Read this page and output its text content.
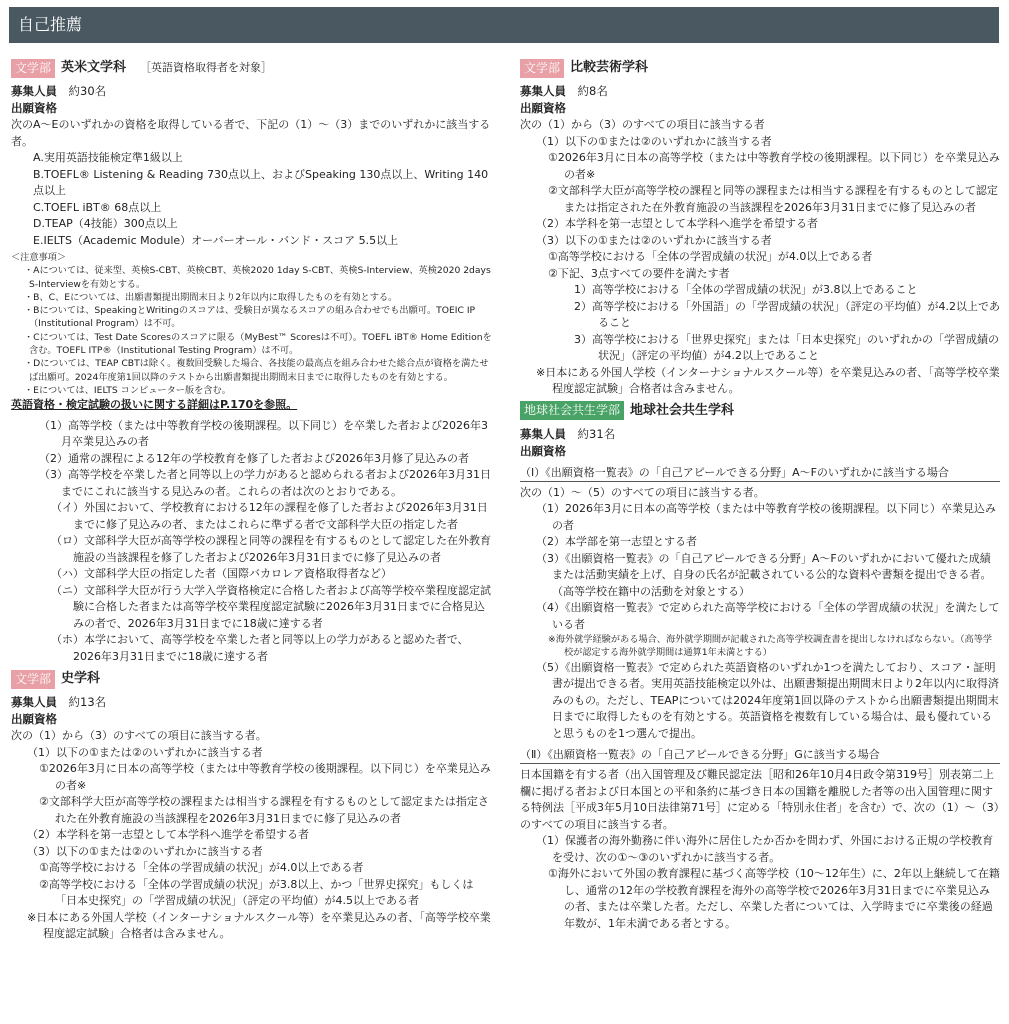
自己推薦
文学部 英米文学科 ［英語資格取得者を対象］
募集人員　 約30名
出願資格

次のA～Eのいずれかの資格を取得している者で、下記の（1）～（3）までのいずれかに該当する者。

A.実用英語技能検定準1級以上

B.TOEFL® Listening & Reading 730点以上、およびSpeaking 130点以上、Writing 140点以上

C.TOEFL iBT® 68点以上

D.TEAP（4技能）300点以上

E.IELTS（Academic Module）オーバーオール・バンド・スコア 5.5以上

＜注意事項＞

・Aについては、従来型、英検S-CBT、英検CBT、英検2020 1day S-CBT、英検S-Interview、英検2020 2days S-Interviewを有効とする。

・B、C、Eについては、出願書類提出期間末日より2年以内に取得したものを有効とする。

・Bについては、SpeakingとWritingのスコアは、受験日が異なるスコアの組み合わせでも出願可。TOEIC IP（Institutional Program）は不可。

・Cについては、Test Date Scoresのスコアに限る（MyBest™ Scoresは不可）。TOEFL iBT® Home Editionを含む。TOEFL ITP®（Institutional Testing Program）は不可。

・Dについては、TEAP CBTは除く。複数回受験した場合、各技能の最高点を組み合わせた総合点が資格を満たせば出願可。2024年度第1回以降のテストから出願書類提出期間末日までに取得したものを有効とする。

・Eについては、IELTS コンピューター版を含む。

英語資格・検定試験の扱いに関する詳細はP.170を参照。

（1）高等学校（または中等教育学校の後期課程。以下同じ）を卒業した者および2026年3月卒業見込みの者

（2）通常の課程による12年の学校教育を修了した者および2026年3月修了見込みの者

（3）高等学校を卒業した者と同等以上の学力があると認められる者および2026年3月31日までにこれに該当する見込みの者。これらの者は次のとおりである。

（イ）外国において、学校教育における12年の課程を修了した者および2026年3月31日までに修了見込みの者、またはこれらに準ずる者で文部科学大臣の指定した者

（ロ）文部科学大臣が高等学校の課程と同等の課程を有するものとして認定した在外教育施設の当該課程を修了した者および2026年3月31日までに修了見込みの者

（ハ）文部科学大臣の指定した者（国際バカロレア資格取得者など）

（ニ）文部科学大臣が行う大学入学資格検定に合格した者および高等学校卒業程度認定試験に合格した者または高等学校卒業程度認定試験に2026年3月31日までに合格見込みの者で、2026年3月31日までに18歳に達する者

（ホ）本学において、高等学校を卒業した者と同等以上の学力があると認めた者で、2026年3月31日までに18歳に達する者

文学部 史学科
募集人員　 約13名
出願資格

次の（1）から（3）のすべての項目に該当する者。

（1）以下の①または②のいずれかに該当する者

①2026年3月に日本の高等学校（または中等教育学校の後期課程。以下同じ）を卒業見込みの者※

②文部科学大臣が高等学校の課程または相当する課程を有するものとして認定または指定された在外教育施設の当該課程を2026年3月31日までに修了見込みの者

（2）本学科を第一志望として本学科へ進学を希望する者

（3）以下の①または②のいずれかに該当する者

①高等学校における「全体の学習成績の状況」が4.0以上である者

②高等学校における「全体の学習成績の状況」が3.8以上、かつ「世界史探究」もしくは「日本史探究」の「学習成績の状況」（評定の平均値）が4.5以上である者

※日本にある外国人学校（インターナショナルスクール等）を卒業見込みの者、「高等学校卒業程度認定試験」合格者は含みません。

文学部 比較芸術学科
募集人員　 約8名
出願資格

次の（1）から（3）のすべての項目に該当する者

（1）以下の①または②のいずれかに該当する者

①2026年3月に日本の高等学校（または中等教育学校の後期課程。以下同じ）を卒業見込みの者※

②文部科学大臣が高等学校の課程と同等の課程または相当する課程を有するものとして認定または指定された在外教育施設の当該課程を2026年3月31日までに修了見込みの者

（2）本学科を第一志望として本学科へ進学を希望する者

（3）以下の①または②のいずれかに該当する者

①高等学校における「全体の学習成績の状況」が4.0以上である者

②下記、3点すべての要件を満たす者

1）高等学校における「全体の学習成績の状況」が3.8以上であること

2）高等学校における「外国語」の「学習成績の状況」（評定の平均値）が4.2以上であること

3）高等学校における「世界史探究」または「日本史探究」のいずれかの「学習成績の状況」（評定の平均値）が4.2以上であること

※日本にある外国人学校（インターナショナルスクール等）を卒業見込みの者、「高等学校卒業程度認定試験」合格者は含みません。

地球社会共生学部 地球社会共生学科
募集人員　 約31名
出願資格
（Ⅰ）《出願資格一覧表》の「自己アピールできる分野」A～Fのいずれかに該当する場合

次の（1）～（5）のすべての項目に該当する者。

（1）2026年3月に日本の高等学校（または中等教育学校の後期課程。以下同じ）卒業見込みの者

（2）本学部を第一志望とする者

（3）《出願資格一覧表》の「自己アピールできる分野」A～Fのいずれかにおいて優れた成績または活動実績を上げ、自身の氏名が記載されている公的な資料や書類を提出できる者。（高等学校在籍中の活動を対象とする）

（4）《出願資格一覧表》で定められた高等学校における「全体の学習成績の状況」を満たしている者

※海外就学経験がある場合、海外就学期間が記載された高等学校調査書を提出しなければならない。（高等学校が認定する海外就学期間は通算1年未満とする）

（5）《出願資格一覧表》で定められた英語資格のいずれか1つを満たしており、スコア・証明書が提出できる者。実用英語技能検定以外は、出願書類提出期間末日より2年以内に取得済みのもの。ただし、TEAPについては2024年度第1回以降のテストから出願書類提出期間末日までに取得したものを有効とする。英語資格を複数有している場合は、最も優れていると思うものを1つ選んで提出。

（Ⅱ）《出願資格一覧表》の「自己アピールできる分野」Gに該当する場合

日本国籍を有する者（出入国管理及び難民認定法［昭和26年10月4日政令第319号］別表第二上欄に掲げる者および日本国との平和条約に基づき日本の国籍を離脱した者等の出入国管理に関する特例法［平成3年5月10日法律第71号］に定める「特別永住者」を含む）で、次の（1）～（3）のすべての項目に該当する者。

（1）保護者の海外勤務に伴い海外に居住したか否かを問わず、外国における正規の学校教育を受け、次の①～③のいずれかに該当する者。

①海外において外国の教育課程に基づく高等学校（10～12年生）に、2年以上継続して在籍し、通常の12年の学校教育課程を海外の高等学校で2026年3月31日までに卒業見込みの者、または卒業した者。ただし、卒業した者については、入学時までに卒業後の経過年数が、1年未満である者とする。
